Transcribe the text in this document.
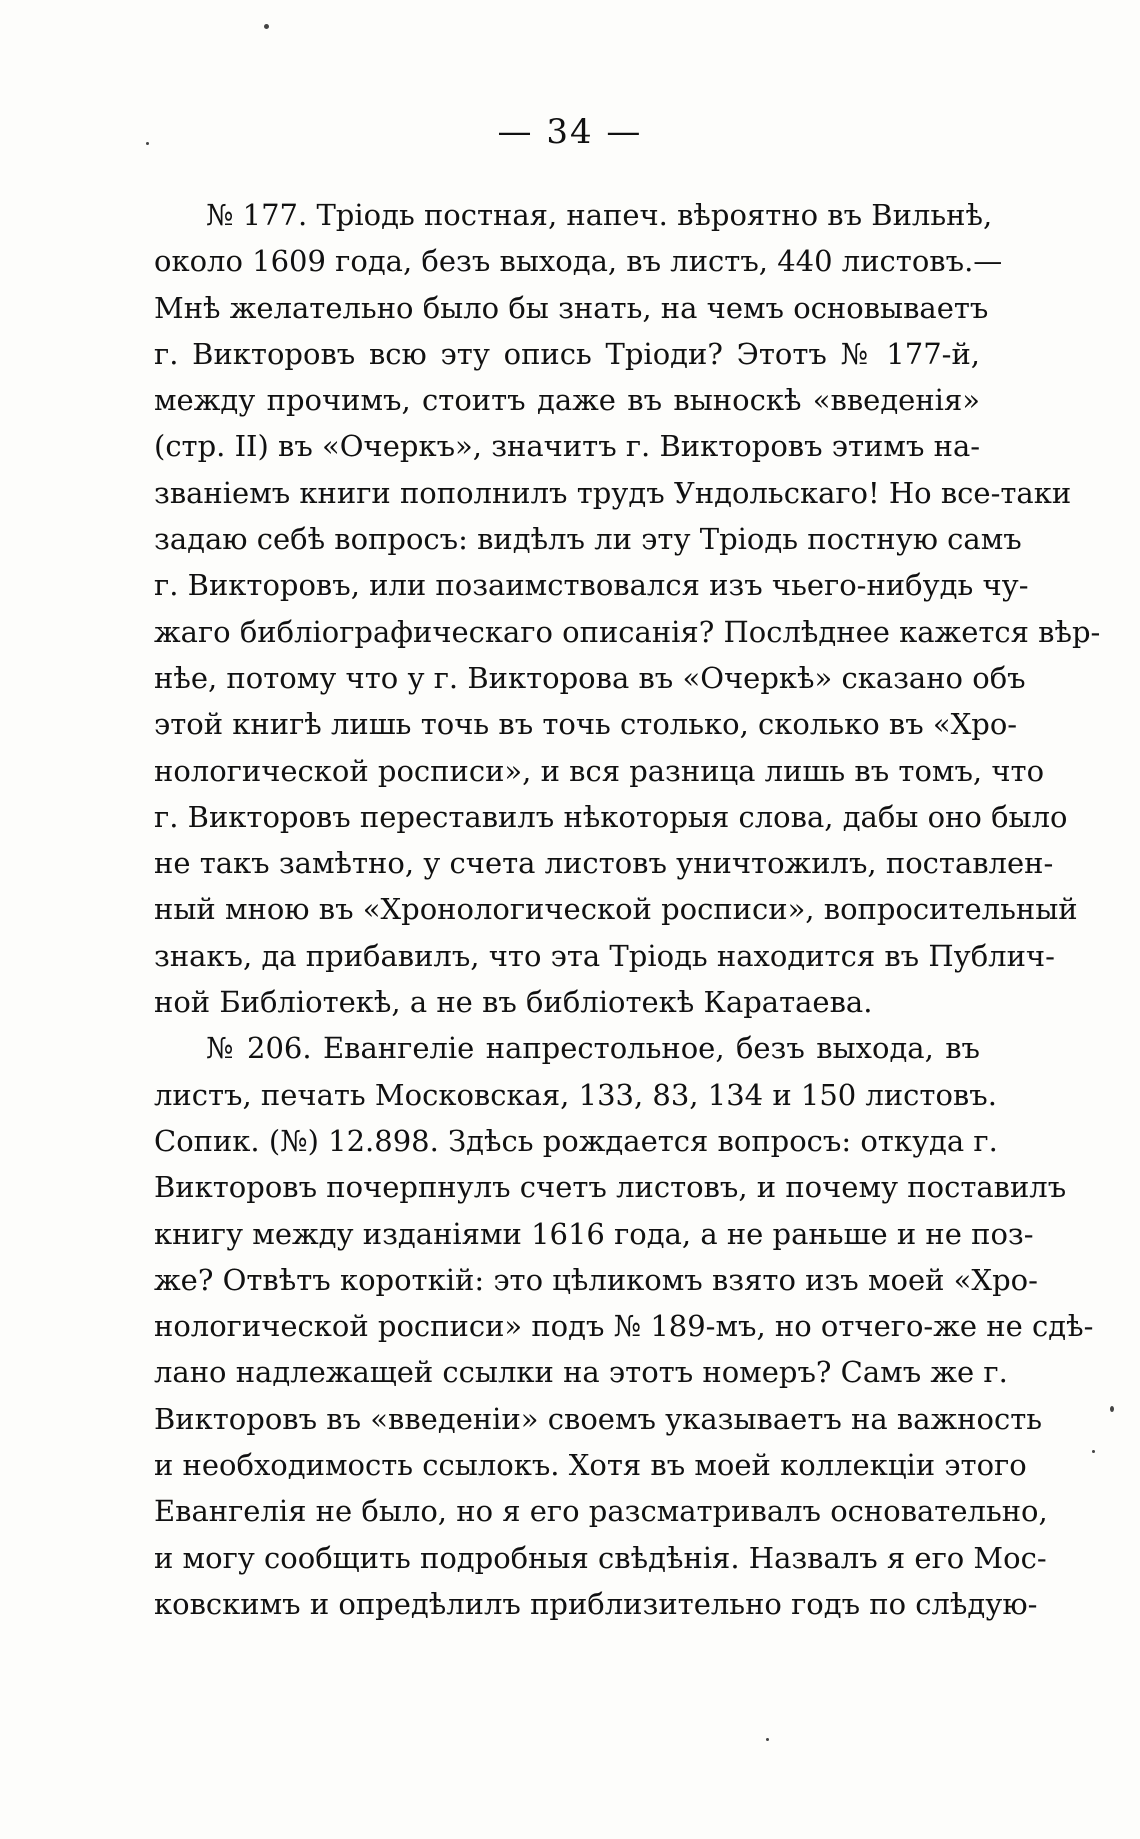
— 34 —
№ 177. Тріодь постная, напеч. вѣроятно въ Вильнѣ,
около 1609 года, безъ выхода, въ листъ, 440 листовъ.—
Мнѣ желательно было бы знать, на чемъ основываетъ
г. Викторовъ всю эту опись Тріоди? Этотъ № 177-й,
между прочимъ, стоитъ даже въ выноскѣ «введенія»
(стр. II) въ «Очеркъ», значитъ г. Викторовъ этимъ на-
званіемъ книги пополнилъ трудъ Ундольскаго! Но все-таки
задаю себѣ вопросъ: видѣлъ ли эту Тріодь постную самъ
г. Викторовъ, или позаимствовался изъ чьего-нибудь чу-
жаго библіографическаго описанія? Послѣднее кажется вѣр-
нѣе, потому что у г. Викторова въ «Очеркѣ» сказано объ
этой книгѣ лишь точь въ точь столько, сколько въ «Хро-
нологической росписи», и вся разница лишь въ томъ, что
г. Викторовъ переставилъ нѣкоторыя слова, дабы оно было
не такъ замѣтно, у счета листовъ уничтожилъ, поставлен-
ный мною въ «Хронологической росписи», вопросительный
знакъ, да прибавилъ, что эта Тріодь находится въ Публич-
ной Библіотекѣ, а не въ библіотекѣ Каратаева.
№ 206. Евангеліе напрестольное, безъ выхода, въ
листъ, печать Московская, 133, 83, 134 и 150 листовъ.
Сопик. (№) 12.898. Здѣсь рождается вопросъ: откуда г.
Викторовъ почерпнулъ счетъ листовъ, и почему поставилъ
книгу между изданіями 1616 года, а не раньше и не поз-
же? Отвѣтъ короткій: это цѣликомъ взято изъ моей «Хро-
нологической росписи» подъ № 189-мъ, но отчего-же не сдѣ-
лано надлежащей ссылки на этотъ номеръ? Самъ же г.
Викторовъ въ «введеніи» своемъ указываетъ на важность
и необходимость ссылокъ. Хотя въ моей коллекціи этого
Евангелія не было, но я его разсматривалъ основательно,
и могу сообщить подробныя свѣдѣнія. Назвалъ я его Мос-
ковскимъ и опредѣлилъ приблизительно годъ по слѣдую-
